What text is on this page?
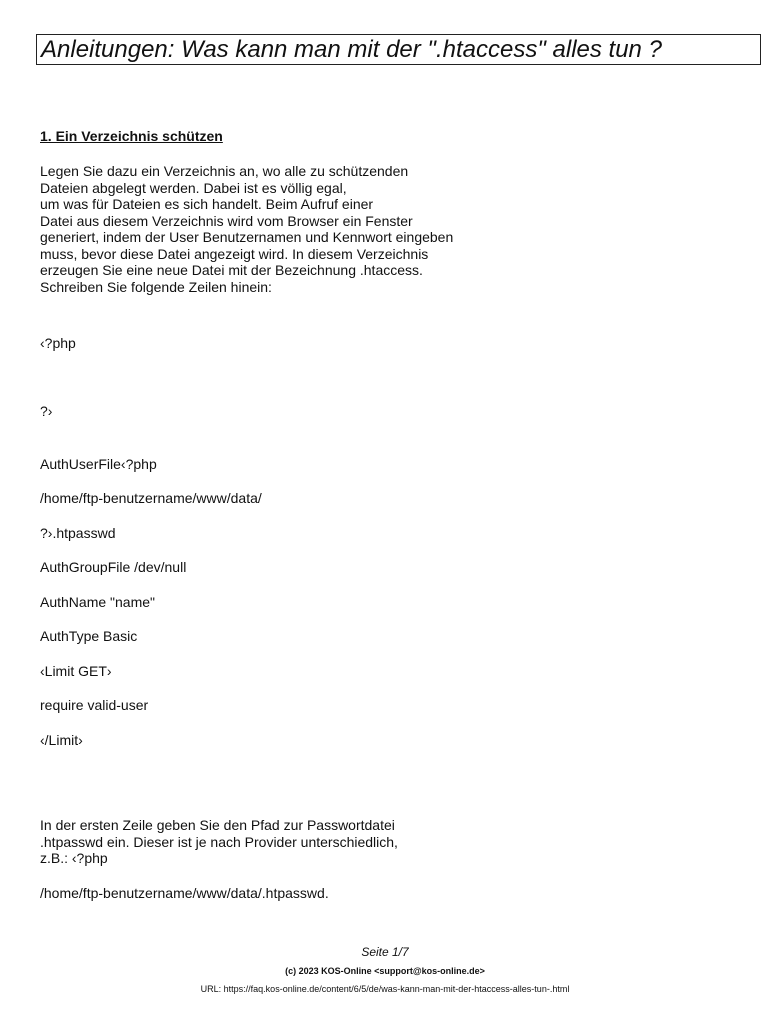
Anleitungen: Was kann man mit der ".htaccess" alles tun ?
1. Ein Verzeichnis schützen
Legen Sie dazu ein Verzeichnis an, wo alle zu schützenden
Dateien abgelegt werden. Dabei ist es völlig egal,
um was für Dateien es sich handelt. Beim Aufruf einer
Datei aus diesem Verzeichnis wird vom Browser ein Fenster
generiert, indem der User Benutzernamen und Kennwort eingeben
muss, bevor diese Datei angezeigt wird. In diesem Verzeichnis
erzeugen Sie eine neue Datei mit der Bezeichnung .htaccess.
Schreiben Sie folgende Zeilen hinein:
‹?php
?›
AuthUserFile‹?php
/home/ftp-benutzername/www/data/
?›.htpasswd
AuthGroupFile /dev/null
AuthName "name"
AuthType Basic
‹Limit GET›
require valid-user
‹/Limit›
In der ersten Zeile geben Sie den Pfad zur Passwortdatei
.htpasswd ein. Dieser ist je nach Provider unterschiedlich,
z.B.: ‹?php
/home/ftp-benutzername/www/data/.htpasswd.
Seite 1/7
(c) 2023 KOS-Online <support@kos-online.de>
URL: https://faq.kos-online.de/content/6/5/de/was-kann-man-mit-der-htaccess-alles-tun-.html
